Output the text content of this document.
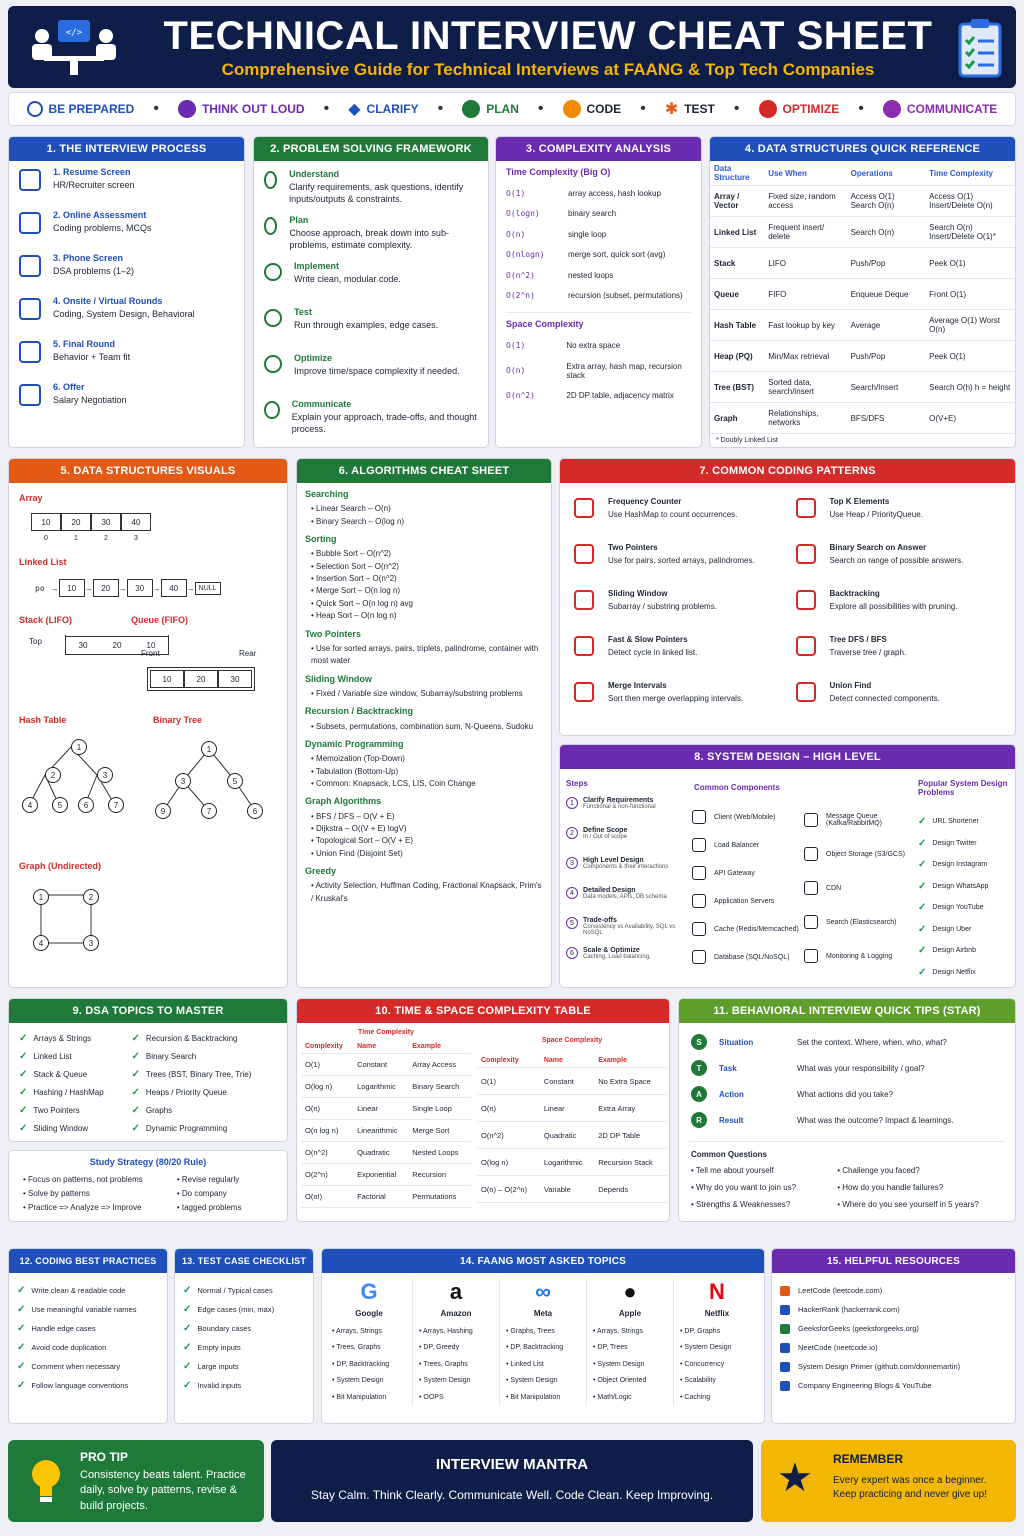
</>	TECHNICAL INTERVIEW CHEAT SHEET
Comprehensive Guide for Technical Interviews at FAANG & Top Tech Companies
BE PREPARED •	THINK OUT LOUD • ◆ CLARIFY •	PLAN •	CODE • ✱ TEST •	OPTIMIZE •	COMMUNICATE
1. THE INTERVIEW PROCESS
1. Resume Screen
HR/Recruiter screen
2. Online Assessment
Coding problems, MCQs
3. Phone Screen
DSA problems (1–2)
4. Onsite / Virtual Rounds
Coding, System Design, Behavioral
5. Final Round
Behavior + Team fit
6. Offer
Salary Negotiation
2. PROBLEM SOLVING FRAMEWORK
Understand
Clarify requirements, ask questions, identify inputs/outputs & constraints.
Plan
Choose approach, break down into sub-problems, estimate complexity.
Implement
Write clean, modular code.
Test
Run through examples, edge cases.
Optimize
Improve time/space complexity if needed.
Communicate
Explain your approach, trade-offs, and thought process.
3. COMPLEXITY ANALYSIS
Time Complexity (Big O)
O(1)	array access, hash lookup
O(logn)	binary search
O(n)	single loop
O(nlogn)	merge sort, quick sort (avg)
O(n^2)	nested loops
O(2^n)	recursion (subset, permutations)
Space Complexity
O(1)	No extra space
O(n)	Extra array, hash map, recursion stack
O(n^2)	2D DP table, adjacency matrix
4. DATA STRUCTURES QUICK REFERENCE
Data Structure	Use When	Operations	Time Complexity
Array / Vector	Fixed size, random access	Access O(1) Search O(n)	Access O(1) Insert/Delete O(n)
Linked List	Frequent insert/ delete	Search O(n)	Search O(n) Insert/Delete O(1)*
Stack	LIFO	Push/Pop	Peek O(1)
Queue	FIFO	Enqueue Deque	Front O(1)
Hash Table	Fast lookup by key	Average	Average O(1) Worst O(n)
Heap (PQ)	Min/Max retrieval	Push/Pop	Peek O(1)
Tree (BST)	Sorted data, search/insert	Search/Insert	Search O(h) h = height
Graph	Relationships, networks	BFS/DFS	O(V+E)
* Doubly Linked List
5. DATA STRUCTURES VISUALS
Array
10	20	30	40
0	1	2	3
Linked List
po →	10	→	20	→	30	→	40	→ NULL
Stack (LIFO)
Top	30	20	10
Queue (FIFO)
Front	Rear
10	20	30
Hash Table	Binary Tree
1
2	3
4	5	6	7
1
3	5
9	7	6
Graph (Undirected)
1	2
4	3
6. ALGORITHMS CHEAT SHEET
Searching
• Linear Search – O(n)
• Binary Search – O(log n)
Sorting
• Bubble Sort – O(n^2)
• Selection Sort – O(n^2)
• Insertion Sort – O(n^2)
• Merge Sort – O(n log n)
• Quick Sort – O(n log n) avg
• Heap Sort – O(n log n)
Two Pointers
• Use for sorted arrays, pairs, triplets, palindrome, container with most water
Sliding Window
• Fixed / Variable size window, Subarray/substring problems
Recursion / Backtracking
• Subsets, permutations, combination sum, N-Queens, Sudoku
Dynamic Programming
• Memoization (Top-Down)
• Tabulation (Bottom-Up)
• Common: Knapsack, LCS, LIS, Coin Change
Graph Algorithms
• BFS / DFS – O(V + E)
• Dijkstra – O((V + E) logV)
• Topological Sort – O(V + E)
• Union Find (Disjoint Set)
Greedy
• Activity Selection, Huffman Coding, Fractional Knapsack, Prim's / Kruskal's
7. COMMON CODING PATTERNS
Frequency Counter
Use HashMap to count occurrences.
Top K Elements
Use Heap / PriorityQueue.
Two Pointers
Use for pairs, sorted arrays, palindromes.
Binary Search on Answer
Search on range of possible answers.
Sliding Window
Subarray / substring problems.
Backtracking
Explore all possibilities with pruning.
Fast & Slow Pointers
Detect cycle in linked list.
Tree DFS / BFS
Traverse tree / graph.
Merge Intervals
Sort then merge overlapping intervals.
Union Find
Detect connected components.
8. SYSTEM DESIGN – HIGH LEVEL
Steps
1	Clarify Requirements
Functional & non-functional
2	Define Scope
In / Out of scope
3	High Level Design
Components & their interactions
4	Detailed Design
Data models, APIs, DB schema
5	Trade-offs
Consistency vs Availability, SQL vs NoSQL
6	Scale & Optimize
Caching, Load balancing,
Common Components
Client (Web/Mobile)
Load Balancer
API Gateway
Application Servers
Cache (Redis/Memcached)
Database (SQL/NoSQL)
Message Queue (Kafka/RabbitMQ)
Object Storage (S3/GCS)
CDN
Search (Elasticsearch)
Monitoring & Logging
Popular System Design Problems
✓ URL Shortener
✓ Design Twitter
✓ Design Instagram
✓ Design WhatsApp
✓ Design YouTube
✓ Design Uber
✓ Design Airbnb
✓ Design Netflix
9. DSA TOPICS TO MASTER
✓ Arrays & Strings
✓ Linked List
✓ Stack & Queue
✓ Hashing / HashMap
✓ Two Pointers
✓ Sliding Window
✓ Recursion & Backtracking
✓ Binary Search
✓ Trees (BST, Binary Tree, Trie)
✓ Heaps / Priority Queue
✓ Graphs
✓ Dynamic Programming
Study Strategy (80/20 Rule)
• Focus on patterns, not problems
• Solve by patterns
• Practice => Analyze => Improve
• Revise regularly
• Do company
• tagged problems
10. TIME & SPACE COMPLEXITY TABLE
Time Complexity
Complexity	Name	Example
O(1)	Constant	Array Access
O(log n)	Logarithmic	Binary Search
O(n)	Linear	Single Loop
O(n log n)	Linearithmic	Merge Sort
O(n^2)	Quadratic	Nested Loops
O(2^n)	Exponential	Recursion
O(n!)	Factorial	Permutations
Space Complexity
Complexity	Name	Example
O(1)	Constant	No Extra Space
O(n)	Linear	Extra Array
O(n^2)	Quadratic	2D DP Table
O(log n)	Logarithmic	Recursion Stack
O(n) – O(2^n)	Variable	Depends
11. BEHAVIORAL INTERVIEW QUICK TIPS (STAR)
S	Situation	Set the context. Where, when, who, what?
T	Task	What was your responsibility / goal?
A	Action	What actions did you take?
R	Result	What was the outcome? Impact & learnings.
Common Questions
• Tell me about yourself
• Why do you want to join us?
• Strengths & Weaknesses?
• Challenge you faced?
• How do you handle failures?
• Where do you see yourself in 5 years?
12. CODING BEST PRACTICES
✓ Write clean & readable code
✓ Use meaningful variable names
✓ Handle edge cases
✓ Avoid code duplication
✓ Comment when necessary
✓ Follow language conventions
13. TEST CASE CHECKLIST
✓ Normal / Typical cases
✓ Edge cases (min, max)
✓ Boundary cases
✓ Empty inputs
✓ Large inputs
✓ Invalid inputs
14. FAANG MOST ASKED TOPICS
G
Google
• Arrays, Strings
• Trees, Graphs
• DP, Backtracking
• System Design
• Bit Manipulation
a
Amazon
• Arrays, Hashing
• DP, Greedy
• Trees, Graphs
• System Design
• OOPS
∞
Meta
• Graphs, Trees
• DP, Backtracking
• Linked List
• System Design
• Bit Manipulation
●
Apple
• Arrays, Strings
• DP, Trees
• System Design
• Object Oriented
• Math/Logic
N
Netflix
• DP, Graphs
• System Design
• Concurrency
• Scalability
• Caching
15. HELPFUL RESOURCES
LeetCode (leetcode.com)
HackerRank (hackerrank.com)
GeeksforGeeks (geeksforgeeks.org)
NeetCode (neetcode.io)
System Design Primer (github.com/donnemartin)
Company Engineering Blogs & YouTube
PRO TIP
Consistency beats talent. Practice daily, solve by patterns, revise & build projects.
INTERVIEW MANTRA
Stay Calm. Think Clearly. Communicate Well. Code Clean. Keep Improving.	★ REMEMBER
Every expert was once a beginner. Keep practicing and never give up!
